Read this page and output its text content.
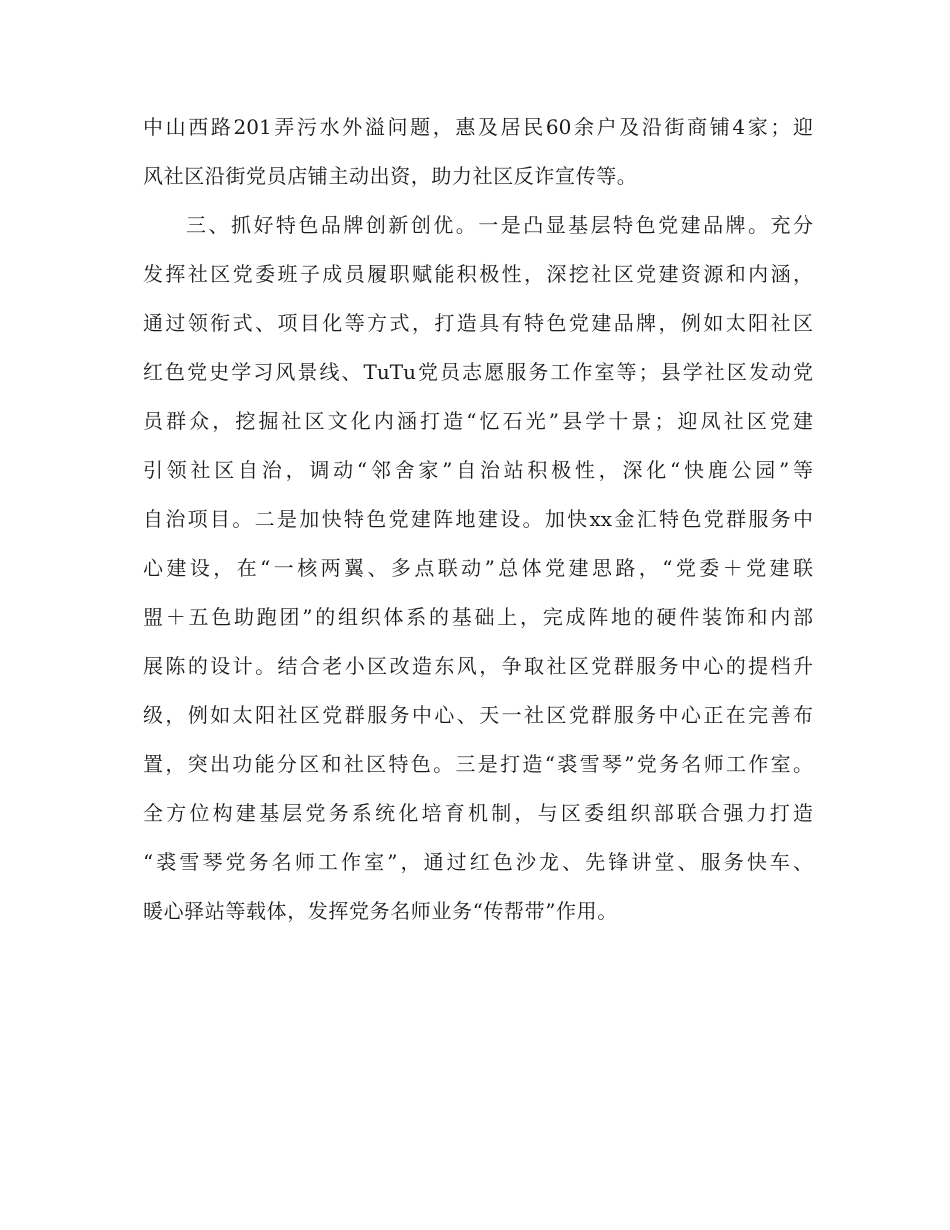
中山西路201弄污水外溢问题，惠及居民60余户及沿街商铺4家；迎
风社区沿街党员店铺主动出资，助力社区反诈宣传等。
三、抓好特色品牌创新创优。一是凸显基层特色党建品牌。充分
发挥社区党委班子成员履职赋能积极性，深挖社区党建资源和内涵，
通过领衔式、项目化等方式，打造具有特色党建品牌，例如太阳社区
红色党史学习风景线、TuTu党员志愿服务工作室等；县学社区发动党
员群众，挖掘社区文化内涵打造“忆石光”县学十景；迎凤社区党建
引领社区自治，调动“邻舍家”自治站积极性，深化“快鹿公园”等
自治项目。二是加快特色党建阵地建设。加快xx金汇特色党群服务中
心建设，在“一核两翼、多点联动”总体党建思路，“党委＋党建联
盟＋五色助跑团”的组织体系的基础上，完成阵地的硬件装饰和内部
展陈的设计。结合老小区改造东风，争取社区党群服务中心的提档升
级，例如太阳社区党群服务中心、天一社区党群服务中心正在完善布
置，突出功能分区和社区特色。三是打造“裘雪琴”党务名师工作室。
全方位构建基层党务系统化培育机制，与区委组织部联合强力打造
“裘雪琴党务名师工作室”，通过红色沙龙、先锋讲堂、服务快车、
暖心驿站等载体，发挥党务名师业务“传帮带”作用。
